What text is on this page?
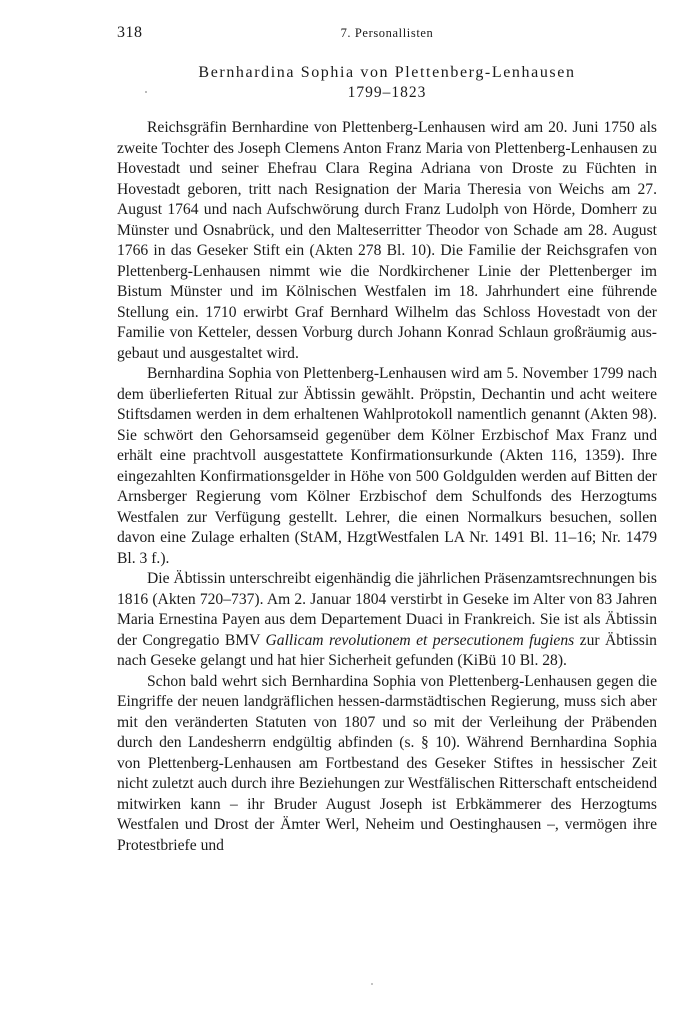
318	7. Personallisten
Bernhardina Sophia von Plettenberg-Lenhausen
1799–1823

Reichsgräfin Bernhardine von Plettenberg-Lenhausen wird am 20. Juni 1750 als zweite Tochter des Joseph Clemens Anton Franz Maria von Plettenberg-Lenhausen zu Hovestadt und seiner Ehefrau Clara Regina Adriana von Droste zu Füchten in Hovestadt geboren, tritt nach Resignation der Maria Theresia von Weichs am 27. August 1764 und nach Aufschwörung durch Franz Ludolph von Hörde, Domherr zu Münster und Osnabrück, und den Malteserritter Theodor von Schade am 28. August 1766 in das Geseker Stift ein (Akten 278 Bl. 10). Die Familie der Reichsgrafen von Plettenberg-Lenhausen nimmt wie die Nordkirchener Linie der Plettenberger im Bistum Münster und im Kölnischen Westfalen im 18. Jahrhundert eine führende Stellung ein. 1710 erwirbt Graf Bernhard Wilhelm das Schloss Hovestadt von der Familie von Ketteler, dessen Vorburg durch Johann Konrad Schlaun großräumig ausgebaut und ausgestaltet wird.

Bernhardina Sophia von Plettenberg-Lenhausen wird am 5. November 1799 nach dem überlieferten Ritual zur Äbtissin gewählt. Pröpstin, Dechantin und acht weitere Stiftsdamen werden in dem erhaltenen Wahlprotokoll namentlich genannt (Akten 98). Sie schwört den Gehorsamseid gegenüber dem Kölner Erzbischof Max Franz und erhält eine prachtvoll ausgestattete Konfirmationsurkunde (Akten 116, 1359). Ihre eingezahlten Konfirmationsgelder in Höhe von 500 Goldgulden werden auf Bitten der Arnsberger Regierung vom Kölner Erzbischof dem Schulfonds des Herzogtums Westfalen zur Verfügung gestellt. Lehrer, die einen Normalkurs besuchen, sollen davon eine Zulage erhalten (StAM, HzgtWestfalen LA Nr. 1491 Bl. 11–16; Nr. 1479 Bl. 3 f.).

Die Äbtissin unterschreibt eigenhändig die jährlichen Präsenzamtsrechnungen bis 1816 (Akten 720–737). Am 2. Januar 1804 verstirbt in Geseke im Alter von 83 Jahren Maria Ernestina Payen aus dem Departement Duaci in Frankreich. Sie ist als Äbtissin der Congregatio BMV Gallicam revolutionem et persecutionem fugiens zur Äbtissin nach Geseke gelangt und hat hier Sicherheit gefunden (KiBü 10 Bl. 28).

Schon bald wehrt sich Bernhardina Sophia von Plettenberg-Lenhausen gegen die Eingriffe der neuen landgräflichen hessen-darmstädtischen Regierung, muss sich aber mit den veränderten Statuten von 1807 und so mit der Verleihung der Präbenden durch den Landesherrn endgültig abfinden (s. § 10). Während Bernhardina Sophia von Plettenberg-Lenhausen am Fortbestand des Geseker Stiftes in hessischer Zeit nicht zuletzt auch durch ihre Beziehungen zur Westfälischen Ritterschaft entscheidend mitwirken kann – ihr Bruder August Joseph ist Erbkämmerer des Herzogtums Westfalen und Drost der Ämter Werl, Neheim und Oestinghausen –, vermögen ihre Protestbriefe und
